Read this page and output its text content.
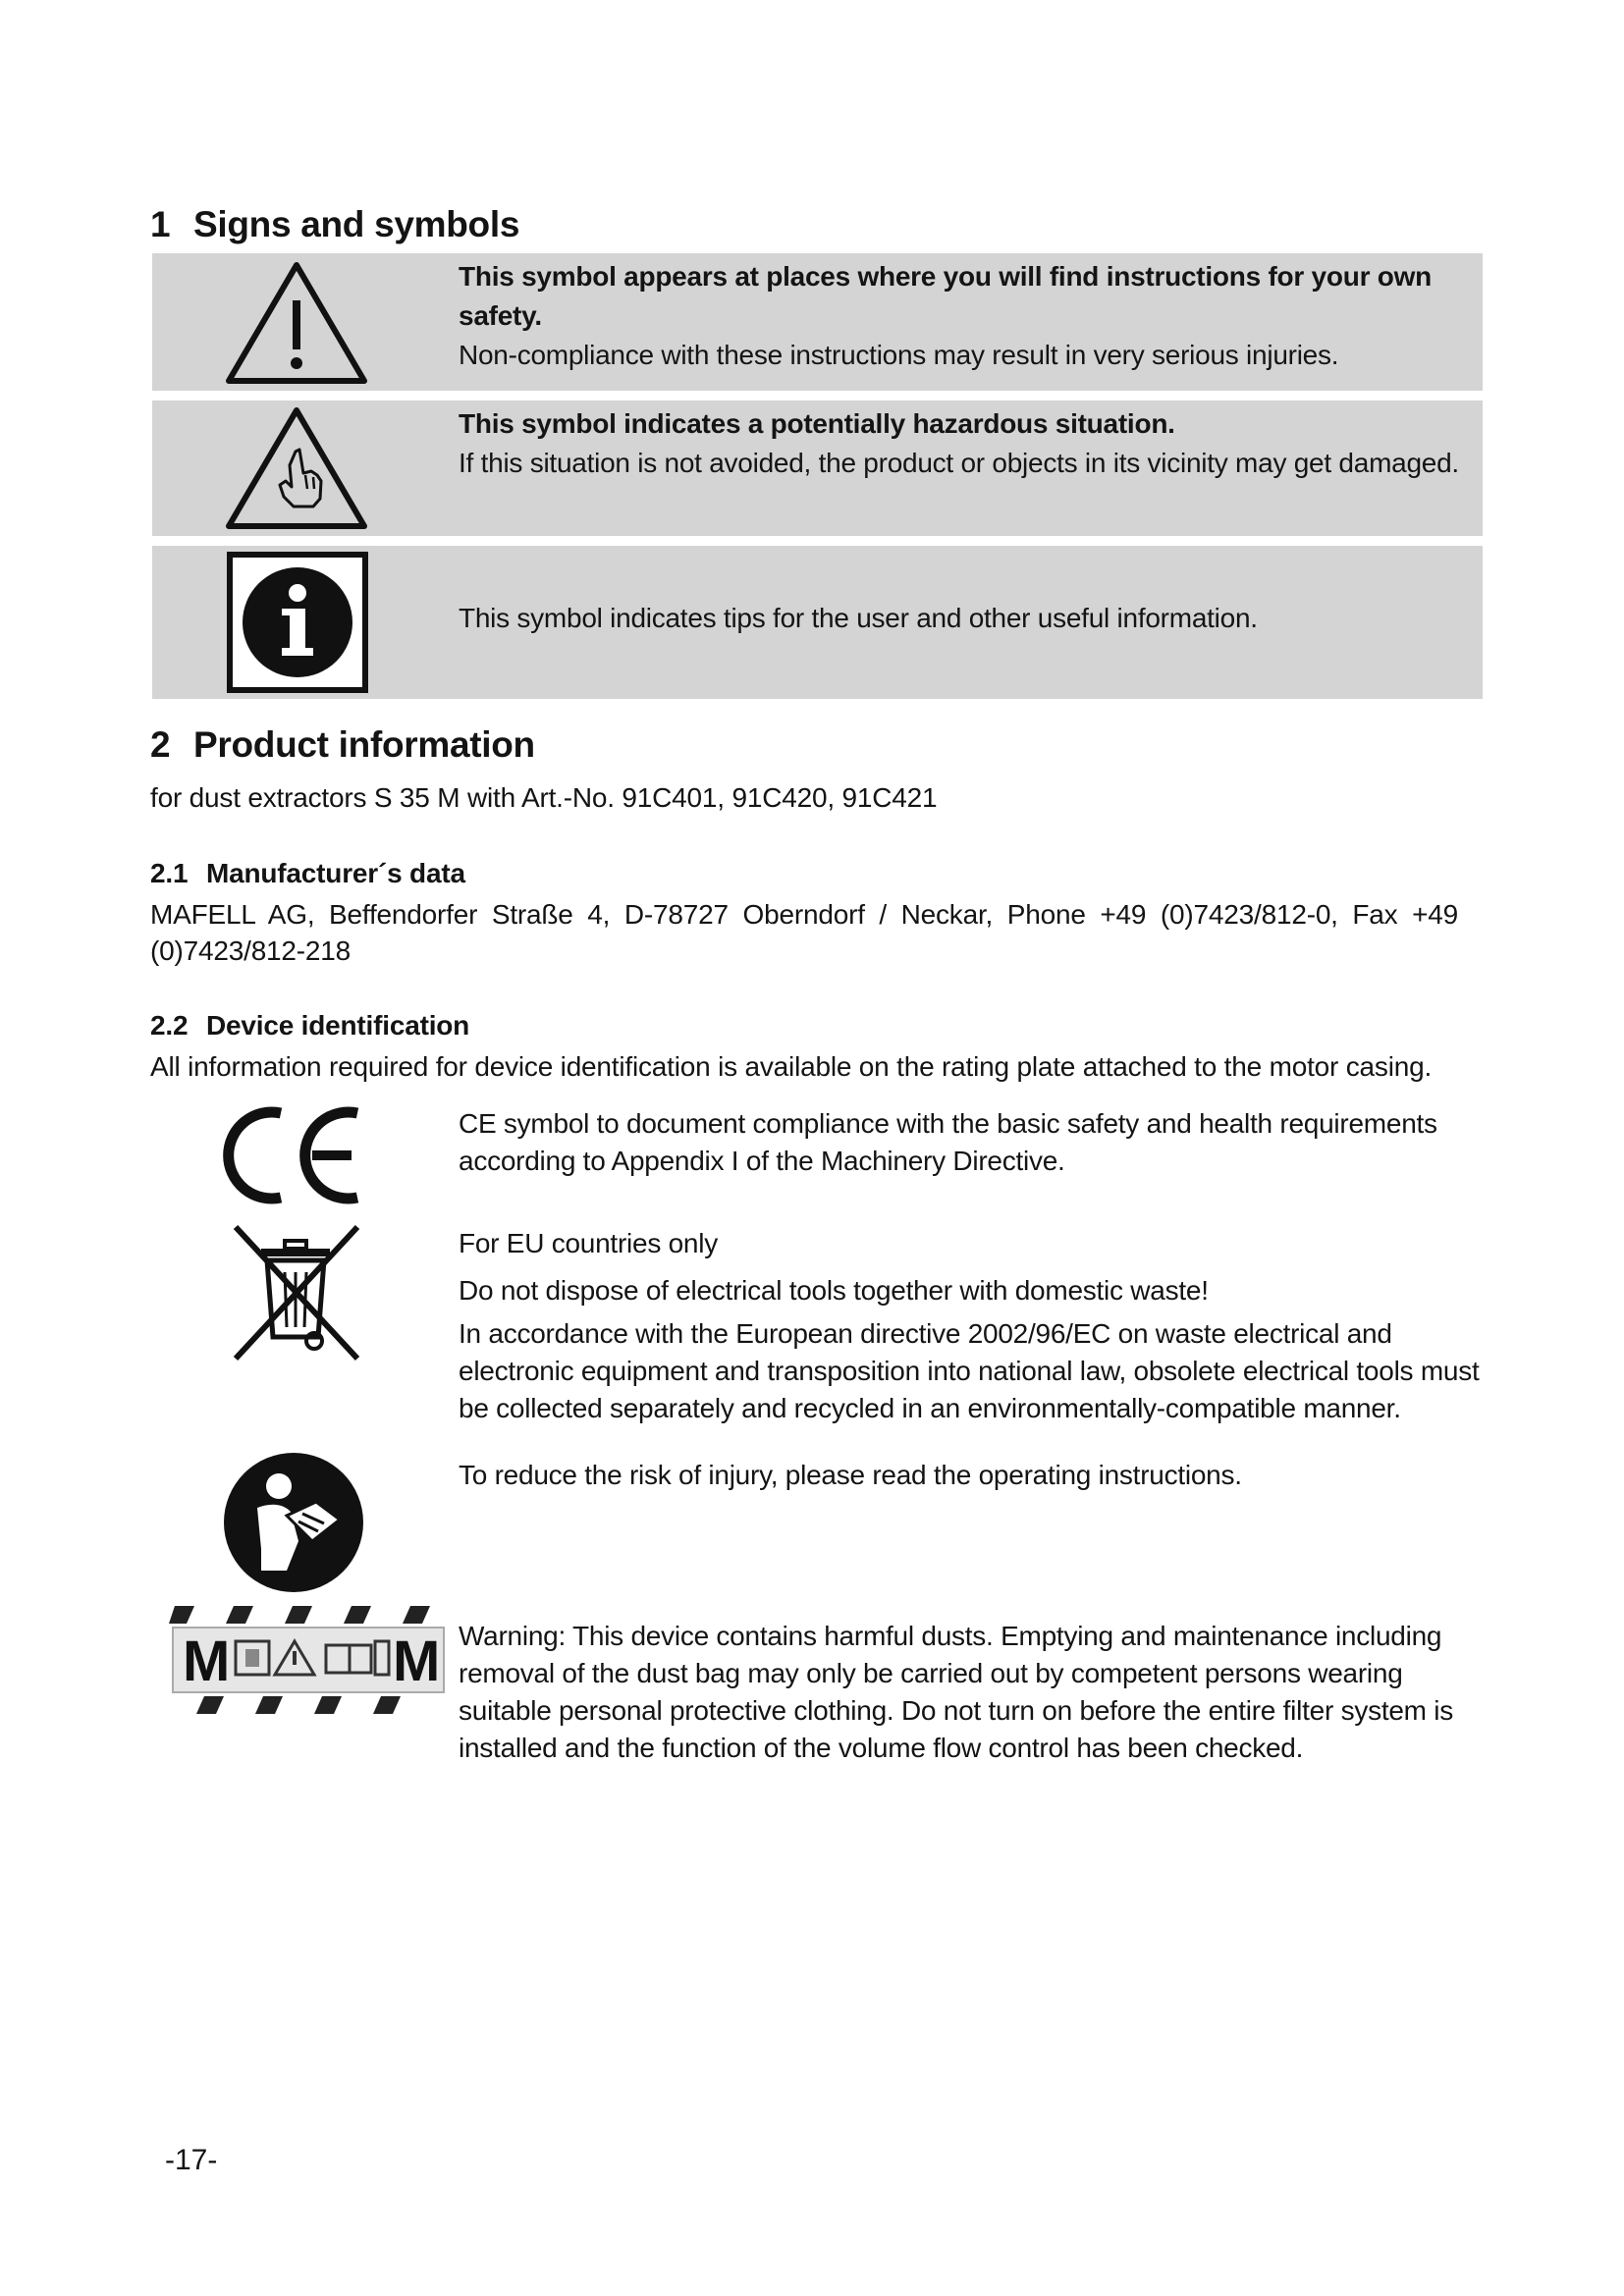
1 Signs and symbols
This symbol appears at places where you will find instructions for your own safety.
Non-compliance with these instructions may result in very serious injuries.
This symbol indicates a potentially hazardous situation.
If this situation is not avoided, the product or objects in its vicinity may get damaged.
This symbol indicates tips for the user and other useful information.
2 Product information
for dust extractors S 35 M with Art.-No. 91C401, 91C420, 91C421
2.1 Manufacturer´s data
MAFELL AG, Beffendorfer Straße 4, D-78727 Oberndorf / Neckar, Phone +49 (0)7423/812-0, Fax +49 (0)7423/812-218
2.2 Device identification
All information required for device identification is available on the rating plate attached to the motor casing.

CE symbol to document compliance with the basic safety and health requirements according to Appendix I of the Machinery Directive.

For EU countries only

Do not dispose of electrical tools together with domestic waste!

In accordance with the European directive 2002/96/EC on waste electrical and electronic equipment and transposition into national law, obsolete electrical tools must be collected separately and recycled in an environmentally-compatible manner.

To reduce the risk of injury, please read the operating instructions.

M	M Warning: This device contains harmful dusts. Emptying and maintenance including removal of the dust bag may only be carried out by competent persons wearing suitable personal protective clothing. Do not turn on before the entire filter system is installed and the function of the volume flow control has been checked.

-17-
